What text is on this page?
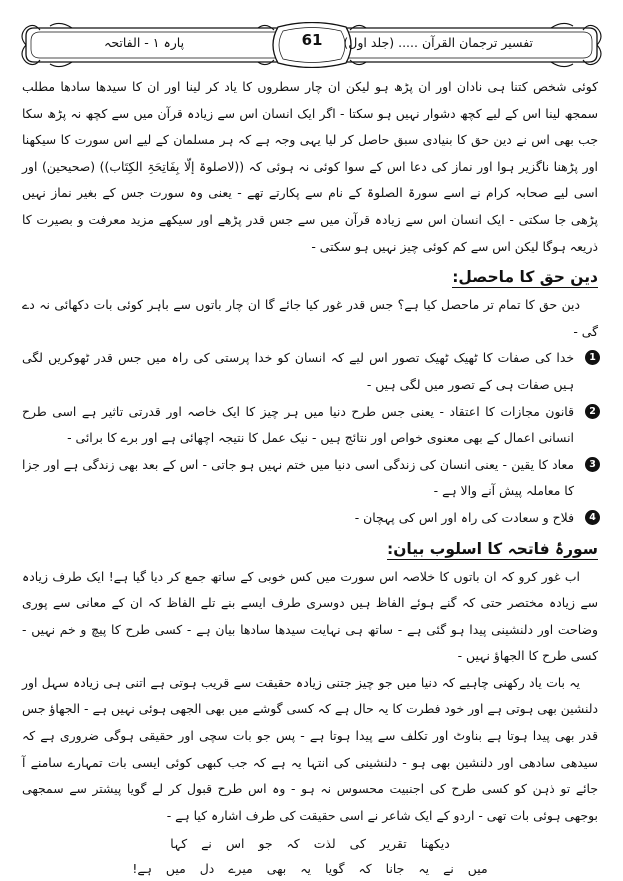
تفسیر ترجمان القرآن ..... (جلد اول)
61
پارہ ۱ - الفاتحہ

کوئی شخص کتنا ہی نادان اور ان پڑھ ہو لیکن ان چار سطروں کا یاد کر لینا اور ان کا سیدھا سادھا مطلب سمجھ لینا اس کے لیے کچھ دشوار نہیں ہو سکتا - اگر ایک انسان اس سے زیادہ قرآن میں سے کچھ نہ پڑھ سکا جب بھی اس نے دین حق کا بنیادی سبق حاصل کر لیا یہی وجہ ہے کہ ہر مسلمان کے لیے اس سورت کا سیکھنا اور پڑھنا ناگزیر ہوا اور نماز کی دعا اس کے سوا کوئی نہ ہوئی کہ ((لاصلوۃ إلّا بِفَاتِحَۃِ الکِتَاب)) (صحیحین) اور اسی لیے صحابہ کرام نے اسے سورۃ الصلوۃ کے نام سے پکارتے تھے - یعنی وہ سورت جس کے بغیر نماز نہیں پڑھی جا سکتی - ایک انسان اس سے زیادہ قرآن میں سے جس قدر پڑھے اور سیکھے مزید معرفت و بصیرت کا ذریعہ ہوگا لیکن اس سے کم کوئی چیز نہیں ہو سکتی -

دین حق کا ماحصل:

دین حق کا تمام تر ماحصل کیا ہے؟ جس قدر غور کیا جائے گا ان چار باتوں سے باہر کوئی بات دکھائی نہ دے گی -

1
خدا کی صفات کا ٹھیک ٹھیک تصور اس لیے کہ انسان کو خدا پرستی کی راہ میں جس قدر ٹھوکریں لگی ہیں صفات ہی کے تصور میں لگی ہیں -

2
قانون مجازات کا اعتقاد - یعنی جس طرح دنیا میں ہر چیز کا ایک خاصہ اور قدرتی تاثیر ہے اسی طرح انسانی اعمال کے بھی معنوی خواص اور نتائج ہیں - نیک عمل کا نتیجہ اچھائی ہے اور برے کا برائی -

3
معاد کا یقین - یعنی انسان کی زندگی اسی دنیا میں ختم نہیں ہو جاتی - اس کے بعد بھی زندگی ہے اور جزا کا معاملہ پیش آنے والا ہے -

4
فلاح و سعادت کی راہ اور اس کی پہچان -

سورۂ فاتحہ کا اسلوب بیان:

اب غور کرو کہ ان باتوں کا خلاصہ اس سورت میں کس خوبی کے ساتھ جمع کر دیا گیا ہے! ایک طرف زیادہ سے زیادہ مختصر حتی کہ گنے ہوئے الفاظ ہیں دوسری طرف ایسے بنے تلے الفاظ کہ ان کے معانی سے پوری وضاحت اور دلنشینی پیدا ہو گئی ہے - ساتھ ہی نہایت سیدھا سادھا بیان ہے - کسی طرح کا پیچ و خم نہیں - کسی طرح کا الجھاؤ نہیں -

یہ بات یاد رکھنی چاہیے کہ دنیا میں جو چیز جتنی زیادہ حقیقت سے قریب ہوتی ہے اتنی ہی زیادہ سہل اور دلنشین بھی ہوتی ہے اور خود فطرت کا یہ حال ہے کہ کسی گوشے میں بھی الجھی ہوئی نہیں ہے - الجھاؤ جس قدر بھی پیدا ہوتا ہے بناوٹ اور تکلف سے پیدا ہوتا ہے - پس جو بات سچی اور حقیقی ہوگی ضروری ہے کہ سیدھی سادھی اور دلنشین بھی ہو - دلنشینی کی انتہا یہ ہے کہ جب کبھی کوئی ایسی بات تمہارے سامنے آ جائے تو ذہن کو کسی طرح کی اجنبیت محسوس نہ ہو - وہ اس طرح قبول کر لے گویا پیشتر سے سمجھی بوجھی ہوئی بات تھی - اردو کے ایک شاعر نے اسی حقیقت کی طرف اشارہ کیا ہے -

دیکھنا
تقریر
کی
لذت
کہ
جو
اس
نے
کہا
میں
نے
یہ
جانا
کہ
گویا
یہ
بھی
میرے
دل
میں
ہے!
